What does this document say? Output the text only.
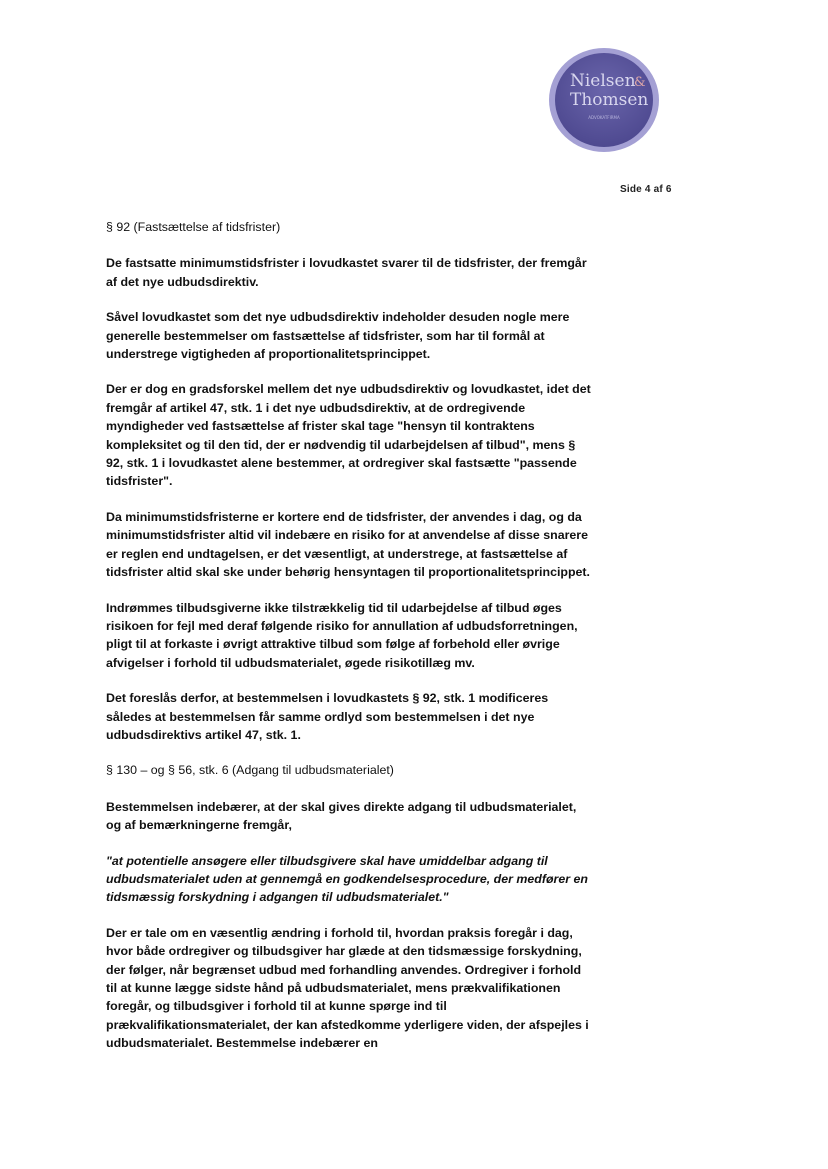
Nielsen
&
Thomsen
ADVOKATFIRMA
Side 4 af 6

§ 92 (Fastsættelse af tidsfrister)

De fastsatte minimumstidsfrister i lovudkastet svarer til de tidsfrister, der fremgår af det nye udbudsdirektiv.

Såvel lovudkastet som det nye udbudsdirektiv indeholder desuden nogle mere generelle bestemmelser om fastsættelse af tidsfrister, som har til formål at understrege vigtigheden af proportionalitetsprincippet.

Der er dog en gradsforskel mellem det nye udbudsdirektiv og lovudkastet, idet det fremgår af artikel 47, stk. 1 i det nye udbudsdirektiv, at de ordregivende myndigheder ved fastsættelse af frister skal tage "hensyn til kontraktens kompleksitet og til den tid, der er nødvendig til udarbejdelsen af tilbud", mens § 92, stk. 1 i lovudkastet alene bestemmer, at ordregiver skal fastsætte "passende tidsfrister".

Da minimumstidsfristerne er kortere end de tidsfrister, der anvendes i dag, og da minimumstidsfrister altid vil indebære en risiko for at anvendelse af disse snarere er reglen end undtagelsen, er det væsentligt, at understrege, at fastsættelse af tidsfrister altid skal ske under behørig hensyntagen til proportionalitetsprincippet.

Indrømmes tilbudsgiverne ikke tilstrækkelig tid til udarbejdelse af tilbud øges risikoen for fejl med deraf følgende risiko for annullation af udbudsforretningen, pligt til at forkaste i øvrigt attraktive tilbud som følge af forbehold eller øvrige afvigelser i forhold til udbudsmaterialet, øgede risikotillæg mv.

Det foreslås derfor, at bestemmelsen i lovudkastets § 92, stk. 1 modificeres således at bestemmelsen får samme ordlyd som bestemmelsen i det nye udbudsdirektivs artikel 47, stk. 1.

§ 130 – og § 56, stk. 6 (Adgang til udbudsmaterialet)

Bestemmelsen indebærer, at der skal gives direkte adgang til udbudsmaterialet, og af bemærkningerne fremgår,

"at potentielle ansøgere eller tilbudsgivere skal have umiddelbar adgang til udbudsmaterialet uden at gennemgå en godkendelsesprocedure, der medfører en tidsmæssig forskydning i adgangen til udbudsmaterialet."

Der er tale om en væsentlig ændring i forhold til, hvordan praksis foregår i dag, hvor både ordregiver og tilbudsgiver har glæde at den tidsmæssige forskydning, der følger, når begrænset udbud med forhandling anvendes. Ordregiver i forhold til at kunne lægge sidste hånd på udbudsmaterialet, mens prækvalifikationen foregår, og tilbudsgiver i forhold til at kunne spørge ind til prækvalifikationsmaterialet, der kan afstedkomme yderligere viden, der afspejles i udbudsmaterialet. Bestemmelse indebærer en
